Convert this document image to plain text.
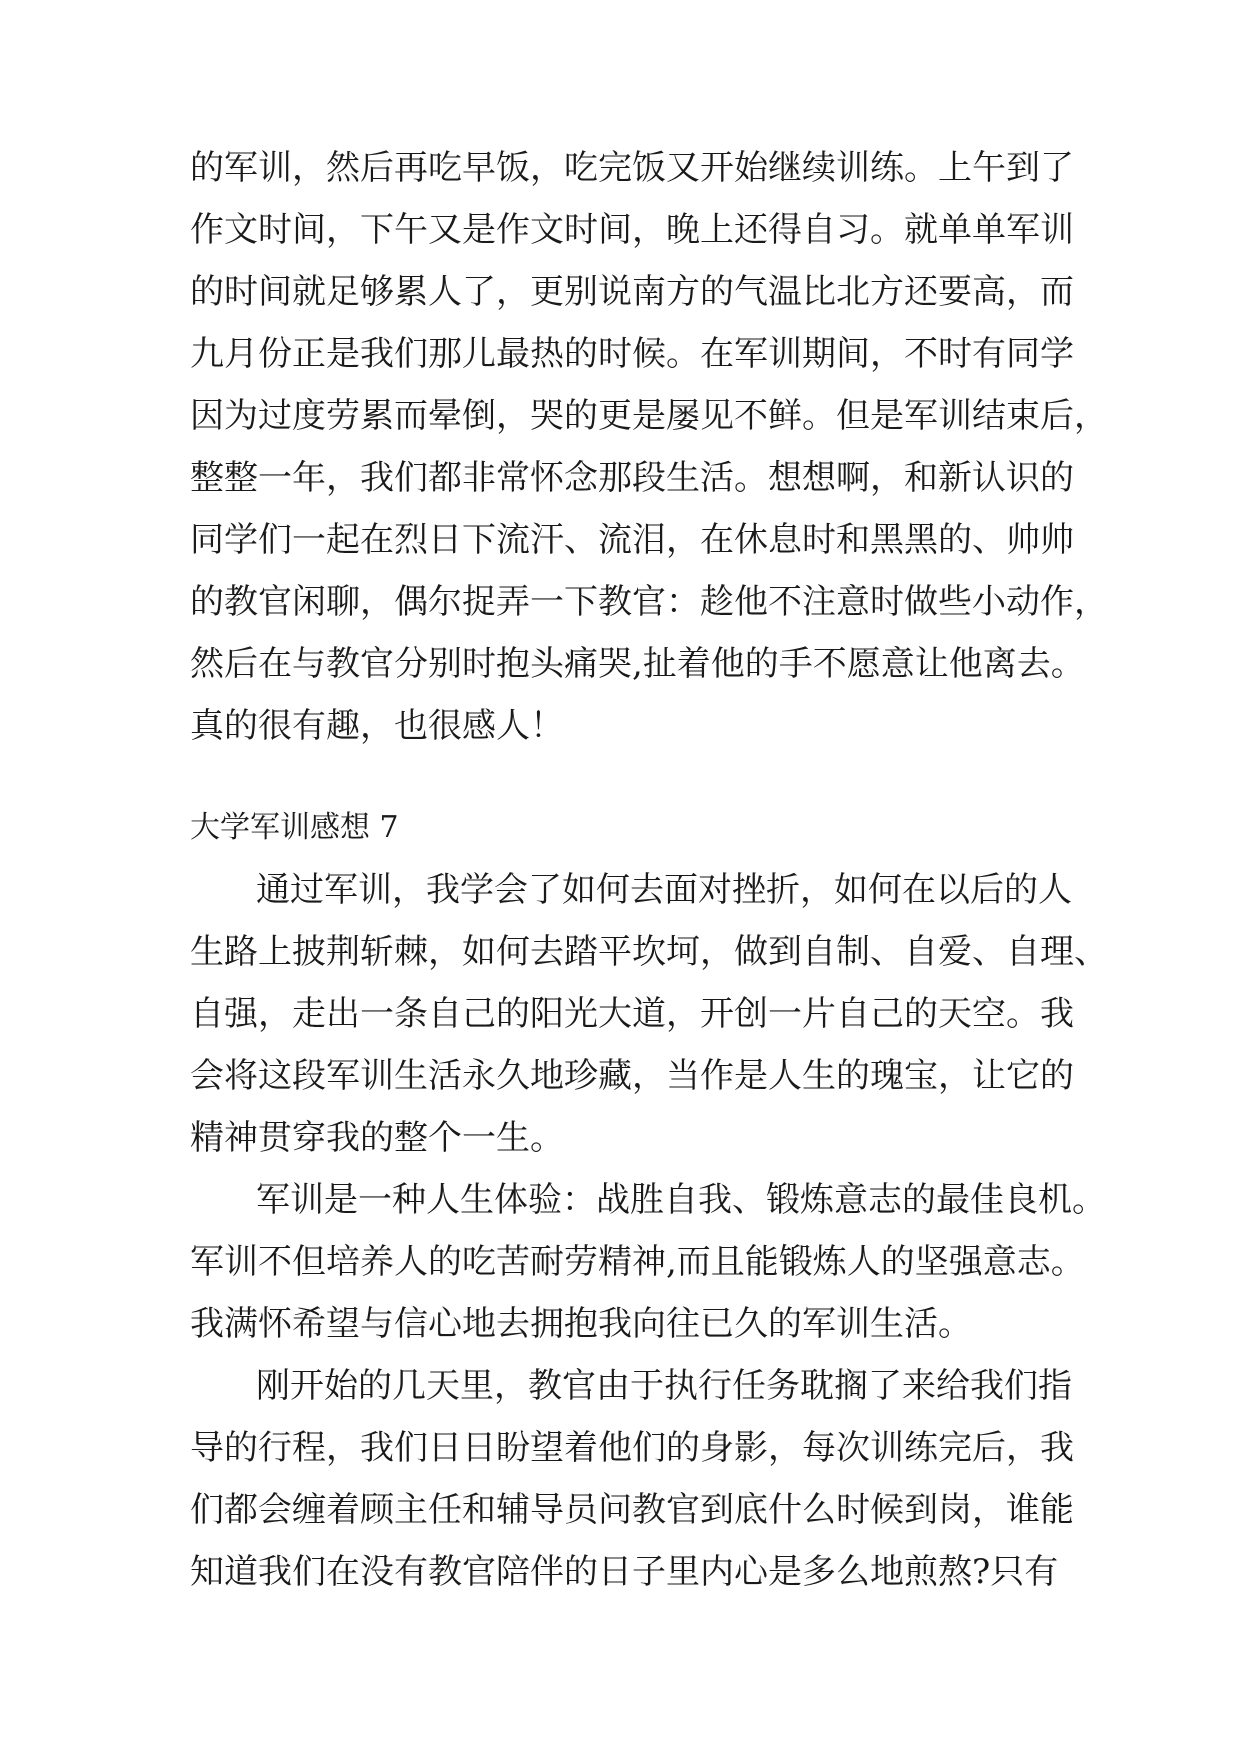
的军训，然后再吃早饭，吃完饭又开始继续训练。上午到了
作文时间，下午又是作文时间，晚上还得自习。就单单军训
的时间就足够累人了，更别说南方的气温比北方还要高，而
九月份正是我们那儿最热的时候。在军训期间，不时有同学
因为过度劳累而晕倒，哭的更是屡见不鲜。但是军训结束后，
整整一年，我们都非常怀念那段生活。想想啊，和新认识的
同学们一起在烈日下流汗、流泪，在休息时和黑黑的、帅帅
的教官闲聊，偶尔捉弄一下教官：趁他不注意时做些小动作，
然后在与教官分别时抱头痛哭,扯着他的手不愿意让他离去。
真的很有趣，也很感人！
大学军训感想 7
通过军训，我学会了如何去面对挫折，如何在以后的人
生路上披荆斩棘，如何去踏平坎坷，做到自制、自爱、自理、
自强，走出一条自己的阳光大道，开创一片自己的天空。我
会将这段军训生活永久地珍藏，当作是人生的瑰宝，让它的
精神贯穿我的整个一生。
军训是一种人生体验：战胜自我、锻炼意志的最佳良机。
军训不但培养人的吃苦耐劳精神,而且能锻炼人的坚强意志。
我满怀希望与信心地去拥抱我向往已久的军训生活。
刚开始的几天里，教官由于执行任务耽搁了来给我们指
导的行程，我们日日盼望着他们的身影，每次训练完后，我
们都会缠着顾主任和辅导员问教官到底什么时候到岗，谁能
知道我们在没有教官陪伴的日子里内心是多么地煎熬?只有
